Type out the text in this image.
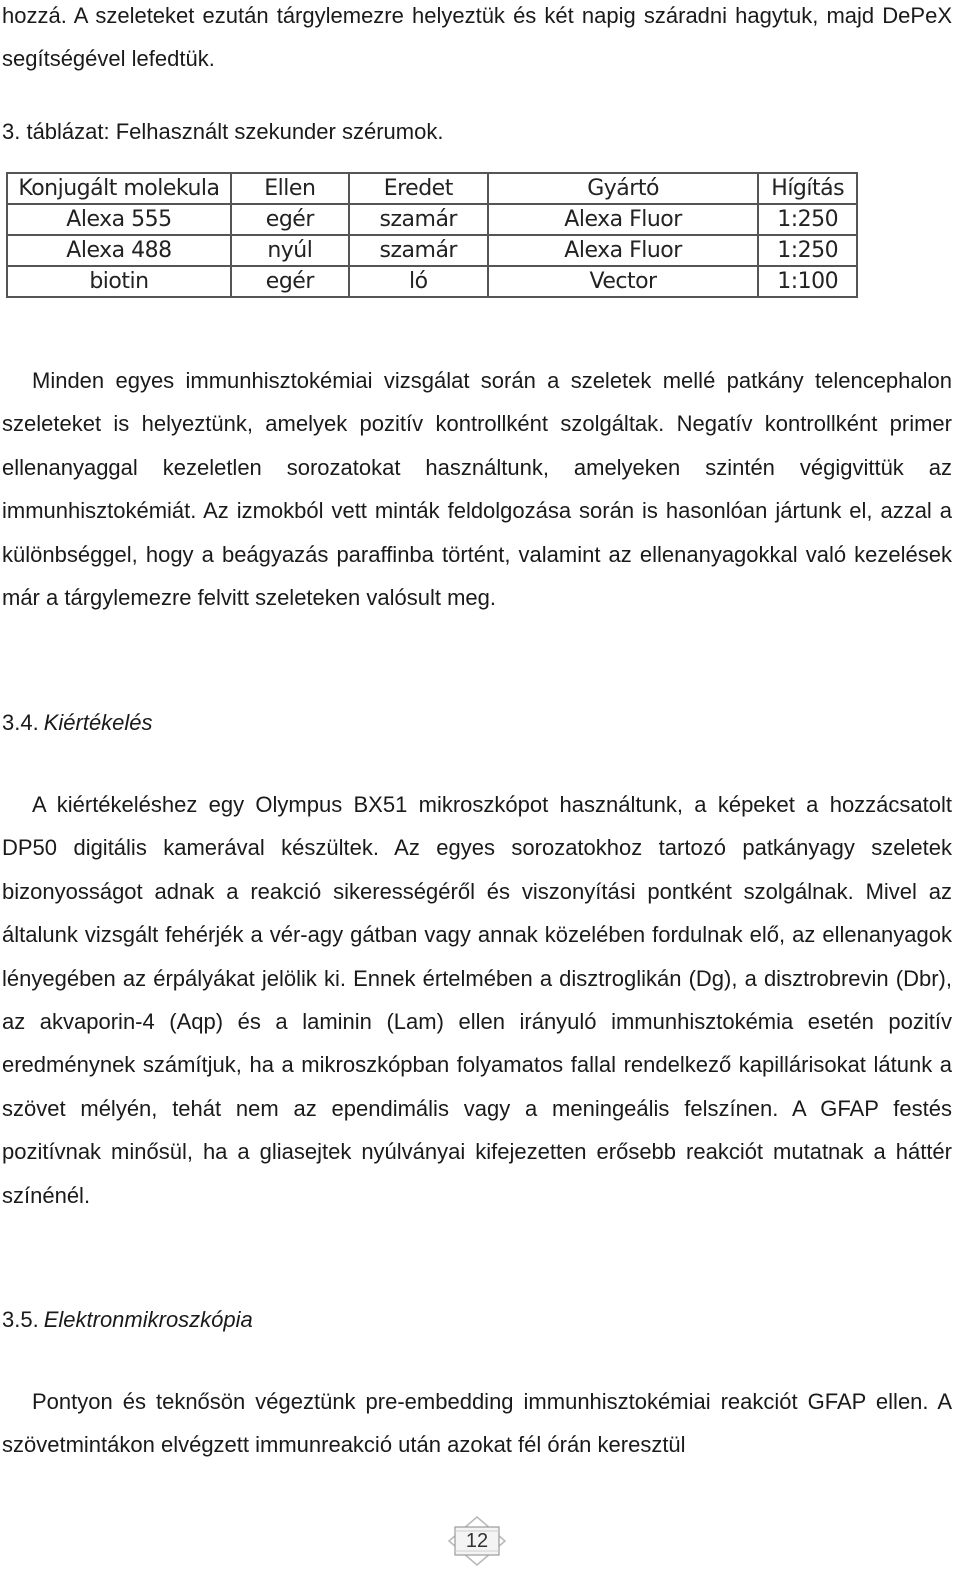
hozzá. A szeleteket ezután tárgylemezre helyeztük és két napig száradni hagytuk, majd DePeX segítségével lefedtük.

3. táblázat: Felhasznált szekunder szérumok.

Konjugált molekula	Ellen	Eredet	Gyártó	Hígítás
Alexa 555	egér	szamár	Alexa Fluor	1:250
Alexa 488	nyúl	szamár	Alexa Fluor	1:250
biotin	egér	ló	Vector	1:100

Minden egyes immunhisztokémiai vizsgálat során a szeletek mellé patkány telencephalon szeleteket is helyeztünk, amelyek pozitív kontrollként szolgáltak. Negatív kontrollként primer ellenanyaggal kezeletlen sorozatokat használtunk, amelyeken szintén végigvittük az immunhisztokémiát. Az izmokból vett minták feldolgozása során is hasonlóan jártunk el, azzal a különbséggel, hogy a beágyazás paraffinba történt, valamint az ellenanyagokkal való kezelések már a tárgylemezre felvitt szeleteken valósult meg.

3.4. Kiértékelés

A kiértékeléshez egy Olympus BX51 mikroszkópot használtunk, a képeket a hozzácsatolt DP50 digitális kamerával készültek. Az egyes sorozatokhoz tartozó patkányagy szeletek bizonyosságot adnak a reakció sikerességéről és viszonyítási pontként szolgálnak. Mivel az általunk vizsgált fehérjék a vér-agy gátban vagy annak közelében fordulnak elő, az ellenanyagok lényegében az érpályákat jelölik ki. Ennek értelmében a disztroglikán (Dg), a disztrobrevin (Dbr), az akvaporin-4 (Aqp) és a laminin (Lam) ellen irányuló immunhisztokémia esetén pozitív eredménynek számítjuk, ha a mikroszkópban folyamatos fallal rendelkező kapillárisokat látunk a szövet mélyén, tehát nem az ependimális vagy a meningeális felszínen. A GFAP festés pozitívnak minősül, ha a gliasejtek nyúlványai kifejezetten erősebb reakciót mutatnak a háttér színénél.

3.5. Elektronmikroszkópia

Pontyon és teknősön végeztünk pre-embedding immunhisztokémiai reakciót GFAP ellen. A szövetmintákon elvégzett immunreakció után azokat fél órán keresztül

12
